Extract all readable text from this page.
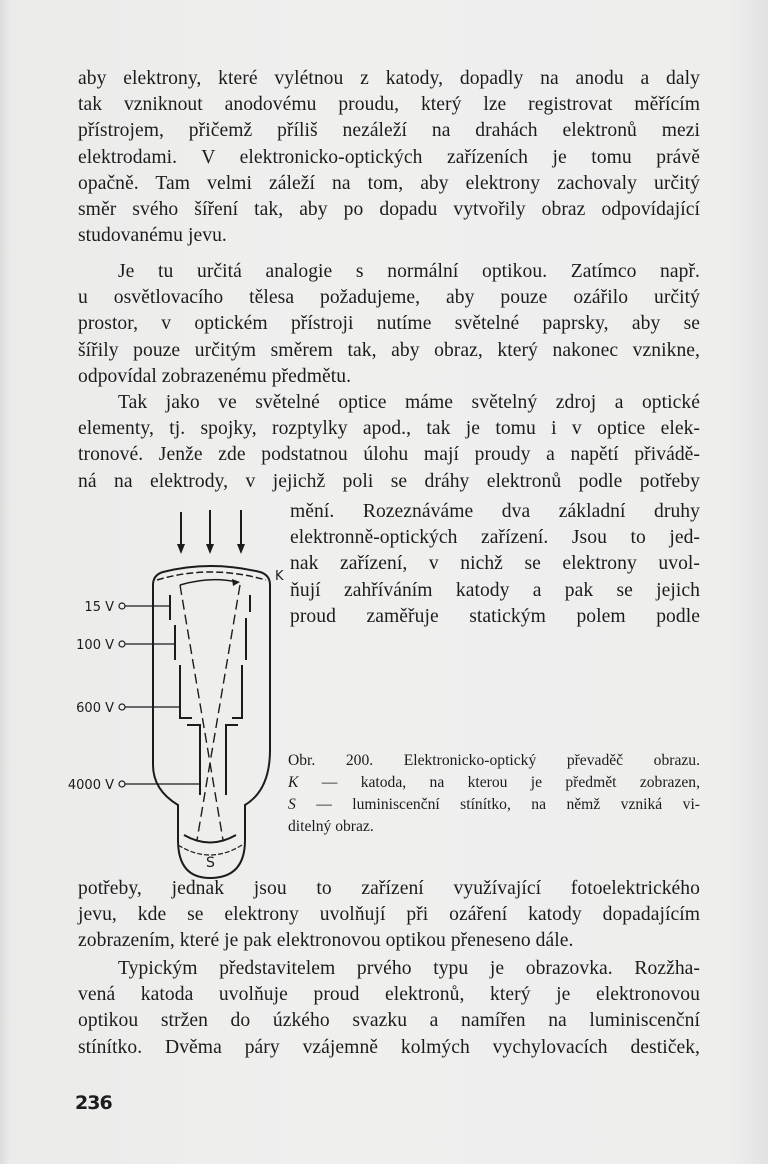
aby elektrony, které vylétnou z katody, dopadly na anodu a daly
tak vzniknout anodovému proudu, který lze registrovat měřícím
přístrojem, přičemž příliš nezáleží na drahách elektronů mezi
elektrodami. V elektronicko-optických zařízeních je tomu právě
opačně. Tam velmi záleží na tom, aby elektrony zachovaly určitý
směr svého šíření tak, aby po dopadu vytvořily obraz odpovídající
studovanému jevu.
Je tu určitá analogie s normální optikou. Zatímco např.
u osvětlovacího tělesa požadujeme, aby pouze ozářilo určitý
prostor, v optickém přístroji nutíme světelné paprsky, aby se
šířily pouze určitým směrem tak, aby obraz, který nakonec vznikne,
odpovídal zobrazenému předmětu.
Tak jako ve světelné optice máme světelný zdroj a optické
elementy, tj. spojky, rozptylky apod., tak je tomu i v optice elek-
tronové. Jenže zde podstatnou úlohu mají proudy a napětí přivádě-
ná na elektrody, v jejichž poli se dráhy elektronů podle potřeby
mění. Rozeznáváme dva základní druhy
elektronně-optických zařízení. Jsou to jed-
nak zařízení, v nichž se elektrony uvol-
ňují zahříváním katody a pak se jejich
proud zaměřuje statickým polem podle
15 V
100 V
600 V
4000 V
K
S
Obr. 200. Elektronicko-optický převaděč obrazu.
K — katoda, na kterou je předmět zobrazen,
S — luminiscenční stínítko, na němž vzniká vi-
ditelný obraz.
potřeby, jednak jsou to zařízení využívající fotoelektrického
jevu, kde se elektrony uvolňují při ozáření katody dopadajícím
zobrazením, které je pak elektronovou optikou přeneseno dále.
Typickým představitelem prvého typu je obrazovka. Rozžha-
vená katoda uvolňuje proud elektronů, který je elektronovou
optikou stržen do úzkého svazku a namířen na luminiscenční
stínítko. Dvěma páry vzájemně kolmých vychylovacích destiček,
236
